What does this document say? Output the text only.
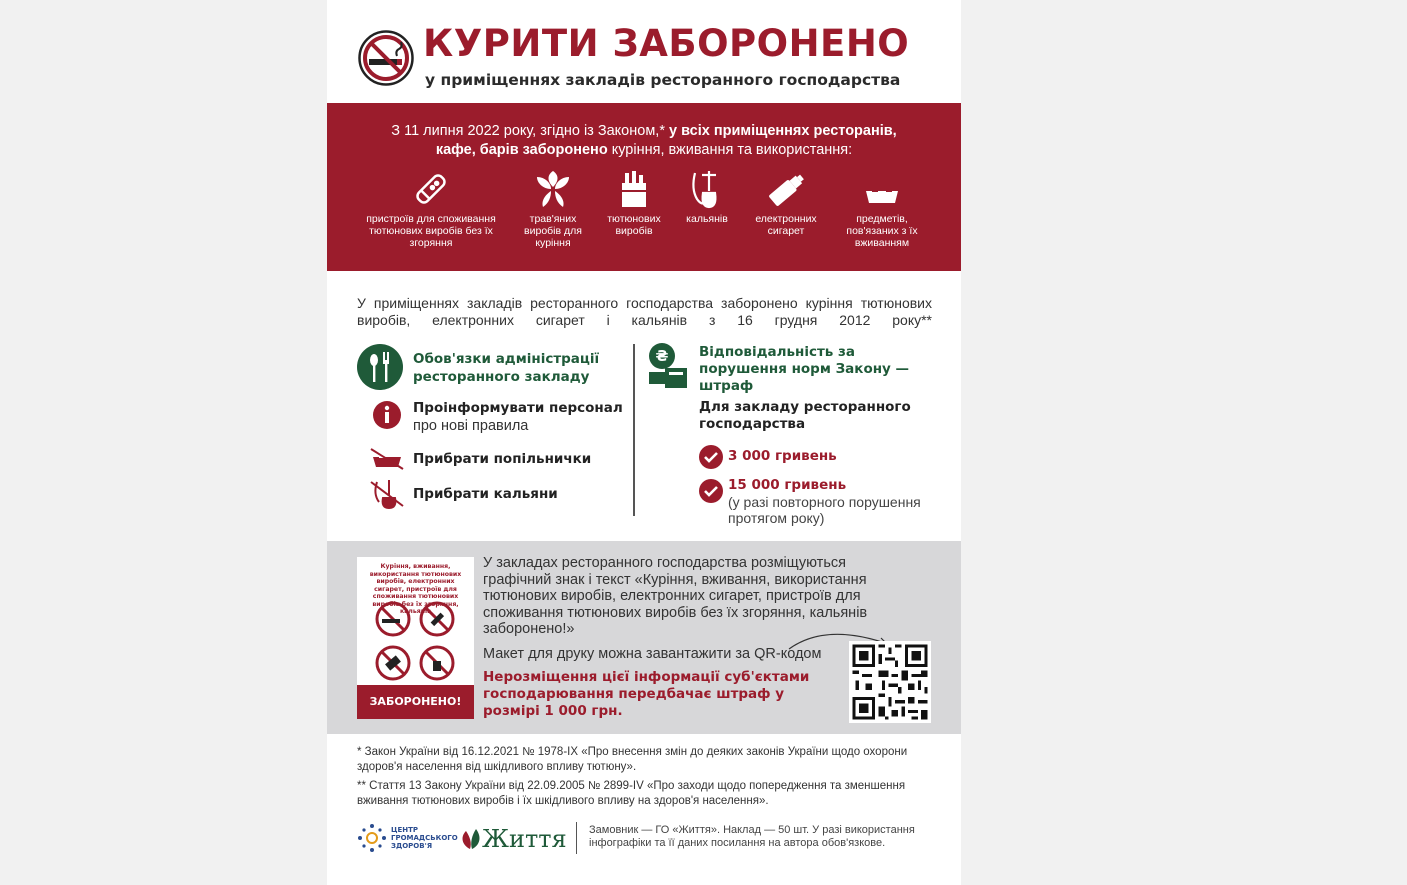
КУРИТИ ЗАБОРОНЕНО
у приміщеннях закладів ресторанного господарства
З 11 липня 2022 року, згідно із Законом,* у всіх приміщеннях ресторанів,
кафе, барів заборонено куріння, вживання та використання:
пристроїв для споживання тютюнових виробів без їх згоряння
трав'яних виробів для куріння
тютюнових виробів
кальянів	електронних сигарет
предметів, пов'язаних з їх вживанням
У приміщеннях закладів ресторанного господарства заборонено куріння тютюнових виробів, електронних сигарет і кальянів з 16 грудня 2012 року**
Обов'язки адміністрації ресторанного закладу
Проінформувати персонал про нові правила
Прибрати попільнички
Прибрати кальяни
₴ Відповідальність за порушення норм Закону — штраф
Для закладу ресторанного господарства
3 000 гривень
15 000 гривень
(у разі повторного порушення протягом року)
Куріння, вживання, використання тютюнових виробів, електронних сигарет, пристроїв для споживання тютюнових виробів без їх згоряння, кальянів
ЗАБОРОНЕНО!
У закладах ресторанного господарства розміщуються графічний знак і текст «Куріння, вживання, використання тютюнових виробів, електронних сигарет, пристроїв для споживання тютюнових виробів без їх згоряння, кальянів заборонено!»
Макет для друку можна завантажити за QR-кодом
Нерозміщення цієї інформації суб'єктами господарювання передбачає штраф у розмірі 1 000 грн.
* Закон України від 16.12.2021 № 1978-IX «Про внесення змін до деяких законів України щодо охорони здоров'я населення від шкідливого впливу тютюну».
** Стаття 13 Закону України від 22.09.2005 № 2899-IV «Про заходи щодо попередження та зменшення вживання тютюнових виробів і їх шкідливого впливу на здоров'я населення».
ЦЕНТР ГРОМАДСЬКОГО ЗДОРОВ'Я	Життя Замовник — ГО «Життя». Наклад — 50 шт. У разі використання інфографіки та її даних посилання на автора обов'язкове.
